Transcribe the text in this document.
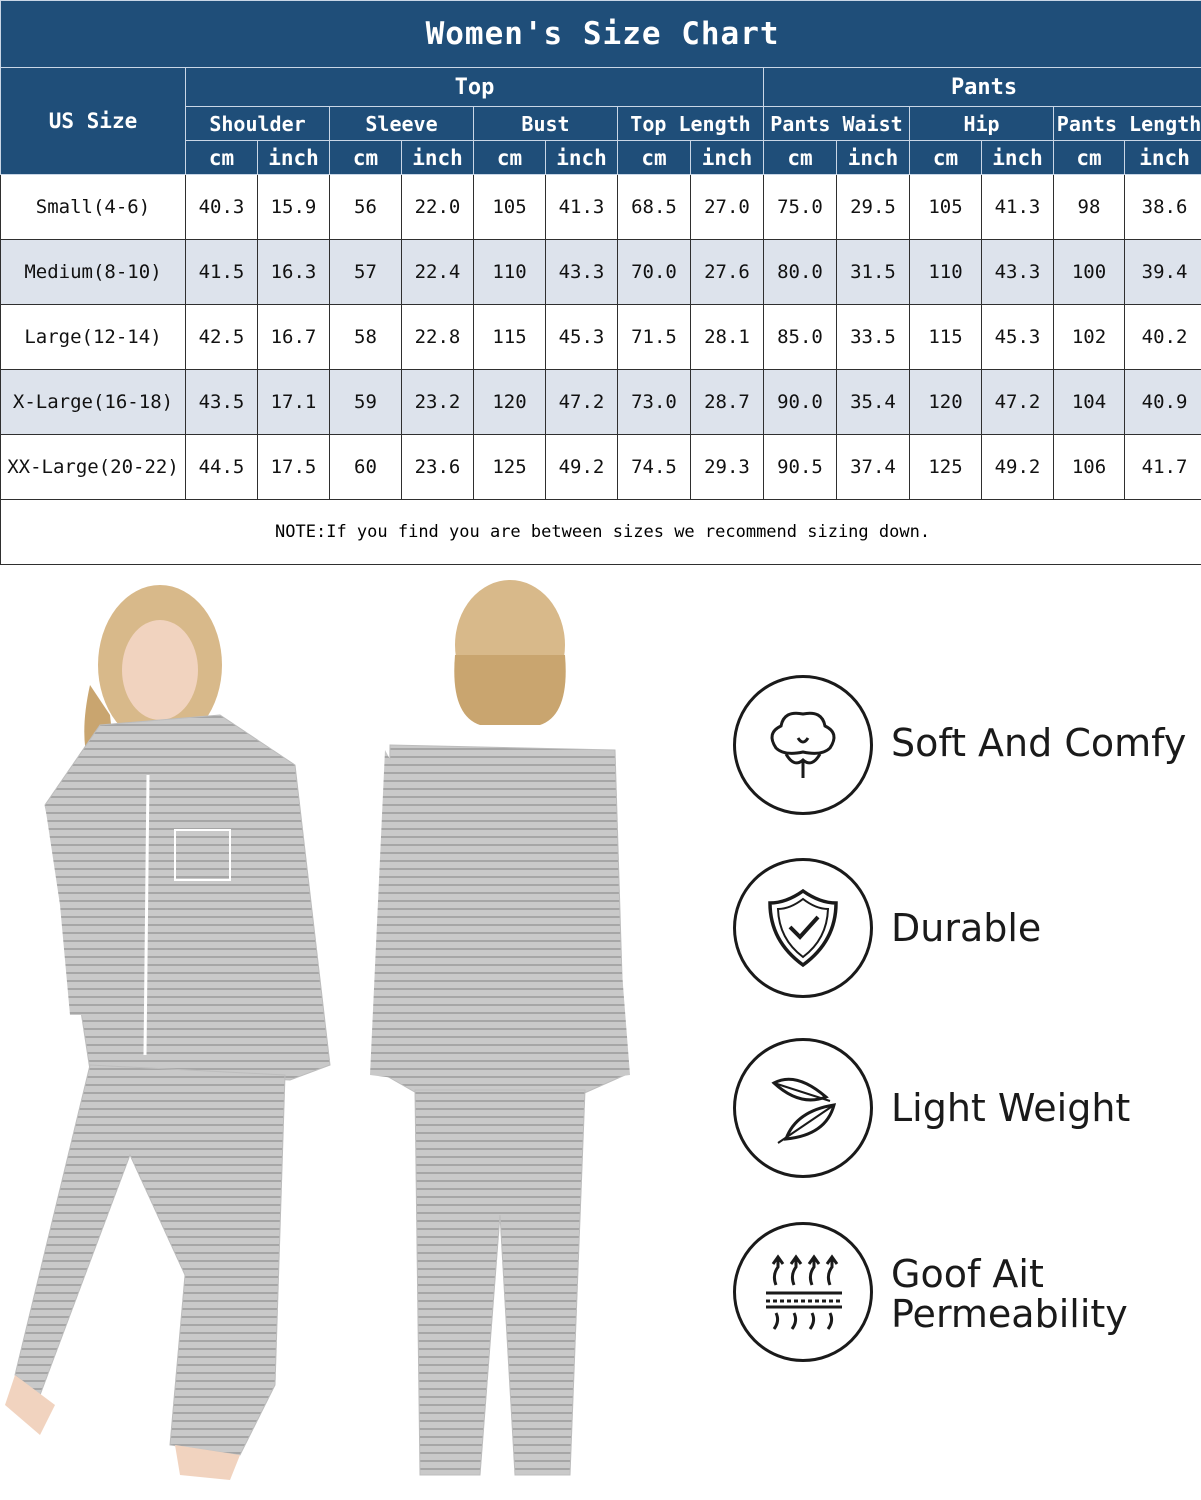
Women's Size Chart														
US Size	Top								Pants					
	Shoulder		Sleeve		Bust		Top Length		Pants Waist		Hip		Pants Length	
	cm	inch	cm	inch	cm	inch	cm	inch	cm	inch	cm	inch	cm	inch
Small(4-6)	40.3	15.9	56	22.0	105	41.3	68.5	27.0	75.0	29.5	105	41.3	98	38.6
Medium(8-10)	41.5	16.3	57	22.4	110	43.3	70.0	27.6	80.0	31.5	110	43.3	100	39.4
Large(12-14)	42.5	16.7	58	22.8	115	45.3	71.5	28.1	85.0	33.5	115	45.3	102	40.2
X-Large(16-18)	43.5	17.1	59	23.2	120	47.2	73.0	28.7	90.0	35.4	120	47.2	104	40.9
XX-Large(20-22)	44.5	17.5	60	23.6	125	49.2	74.5	29.3	90.5	37.4	125	49.2	106	41.7
NOTE:If you find you are between sizes we recommend sizing down.														
Soft And Comfy
Durable
Light Weight
Goof Ait
Permeability
